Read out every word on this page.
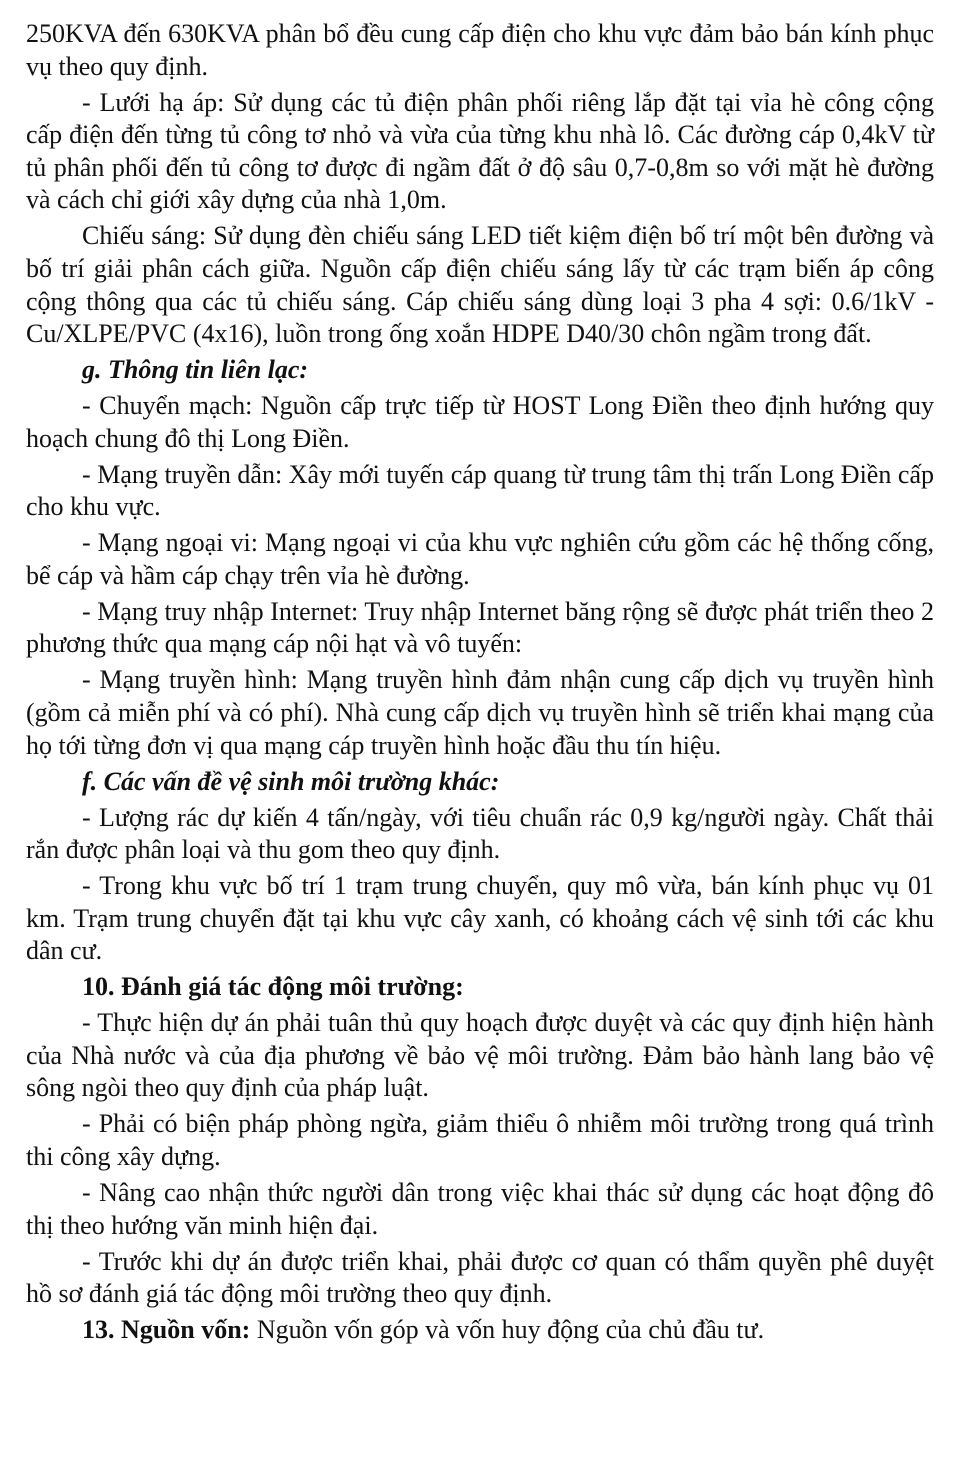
250KVA đến 630KVA phân bổ đều cung cấp điện cho khu vực đảm bảo bán kính phục vụ theo quy định.

- Lưới hạ áp: Sử dụng các tủ điện phân phối riêng lắp đặt tại vỉa hè công cộng cấp điện đến từng tủ công tơ nhỏ và vừa của từng khu nhà lô. Các đường cáp 0,4kV từ tủ phân phối đến tủ công tơ được đi ngầm đất ở độ sâu 0,7-0,8m so với mặt hè đường và cách chỉ giới xây dựng của nhà 1,0m.

Chiếu sáng: Sử dụng đèn chiếu sáng LED tiết kiệm điện bố trí một bên đường và bố trí giải phân cách giữa. Nguồn cấp điện chiếu sáng lấy từ các trạm biến áp công cộng thông qua các tủ chiếu sáng. Cáp chiếu sáng dùng loại 3 pha 4 sợi: 0.6/1kV - Cu/XLPE/PVC (4x16), luồn trong ống xoắn HDPE D40/30 chôn ngầm trong đất.

g. Thông tin liên lạc:

- Chuyển mạch: Nguồn cấp trực tiếp từ HOST Long Điền theo định hướng quy hoạch chung đô thị Long Điền.

- Mạng truyền dẫn: Xây mới tuyến cáp quang từ trung tâm thị trấn Long Điền cấp cho khu vực.

- Mạng ngoại vi: Mạng ngoại vi của khu vực nghiên cứu gồm các hệ thống cống, bể cáp và hầm cáp chạy trên vỉa hè đường.

- Mạng truy nhập Internet: Truy nhập Internet băng rộng sẽ được phát triển theo 2 phương thức qua mạng cáp nội hạt và vô tuyến:

- Mạng truyền hình: Mạng truyền hình đảm nhận cung cấp dịch vụ truyền hình (gồm cả miễn phí và có phí). Nhà cung cấp dịch vụ truyền hình sẽ triển khai mạng của họ tới từng đơn vị qua mạng cáp truyền hình hoặc đầu thu tín hiệu.

f. Các vấn đề vệ sinh môi trường khác:

- Lượng rác dự kiến 4 tấn/ngày, với tiêu chuẩn rác 0,9 kg/người ngày. Chất thải rắn được phân loại và thu gom theo quy định.

- Trong khu vực bố trí 1 trạm trung chuyển, quy mô vừa, bán kính phục vụ 01 km. Trạm trung chuyển đặt tại khu vực cây xanh, có khoảng cách vệ sinh tới các khu dân cư.

10. Đánh giá tác động môi trường:

- Thực hiện dự án phải tuân thủ quy hoạch được duyệt và các quy định hiện hành của Nhà nước và của địa phương về bảo vệ môi trường. Đảm bảo hành lang bảo vệ sông ngòi theo quy định của pháp luật.

- Phải có biện pháp phòng ngừa, giảm thiểu ô nhiễm môi trường trong quá trình thi công xây dựng.

- Nâng cao nhận thức người dân trong việc khai thác sử dụng các hoạt động đô thị theo hướng văn minh hiện đại.

- Trước khi dự án được triển khai, phải được cơ quan có thẩm quyền phê duyệt hồ sơ đánh giá tác động môi trường theo quy định.

13. Nguồn vốn: Nguồn vốn góp và vốn huy động của chủ đầu tư.
